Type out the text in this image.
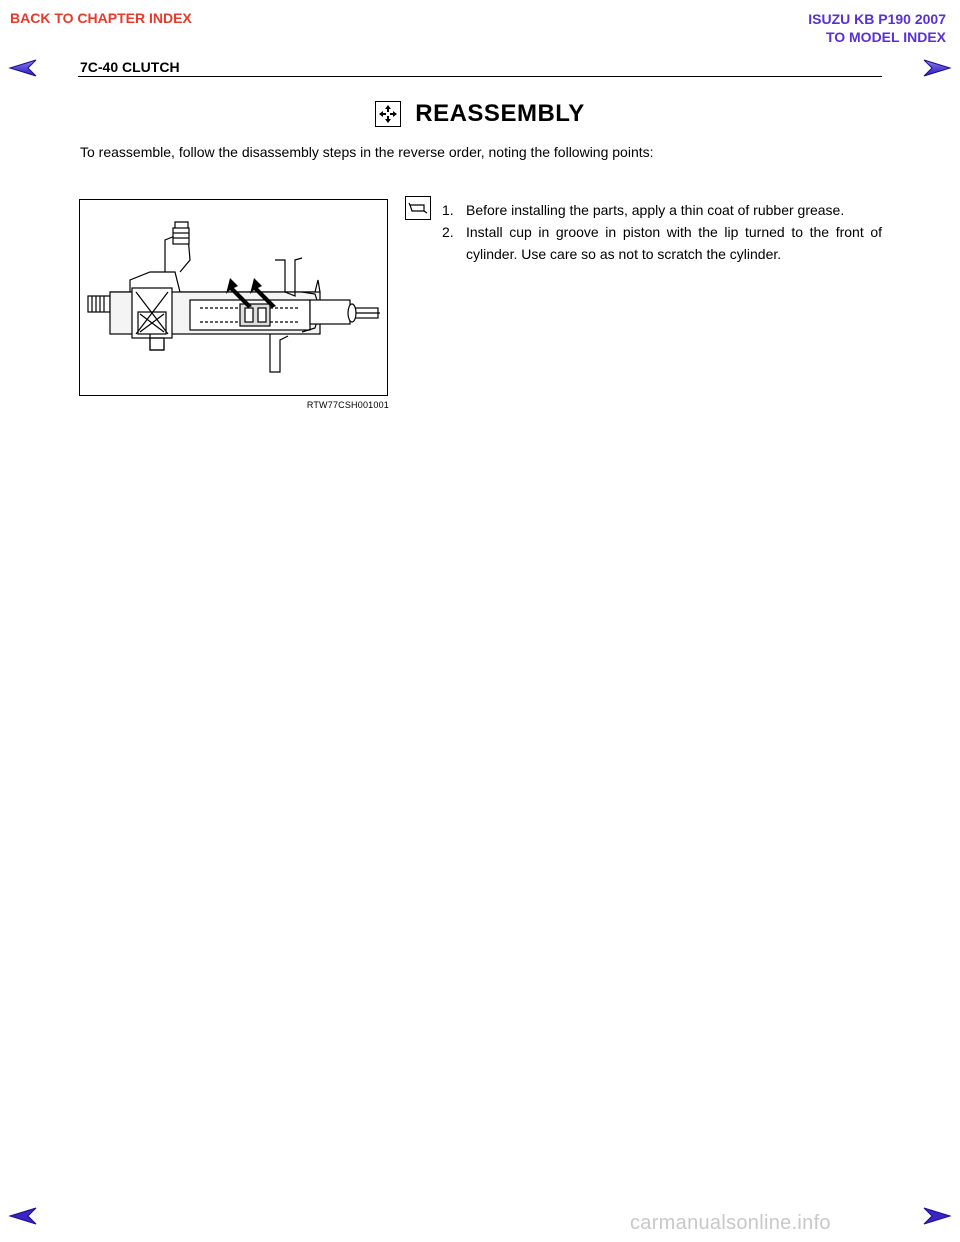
BACK TO CHAPTER INDEX	ISUZU KB P190 2007
TO MODEL INDEX
7C-40 CLUTCH
REASSEMBLY
To reassemble, follow the disassembly steps in the reverse order, noting the following points:
RTW77CSH001001
1. Before installing the parts, apply a thin coat of rubber grease.
2. Install cup in groove in piston with the lip turned to the front of cylinder. Use care so as not to scratch the cylinder.
carmanualsonline.info
